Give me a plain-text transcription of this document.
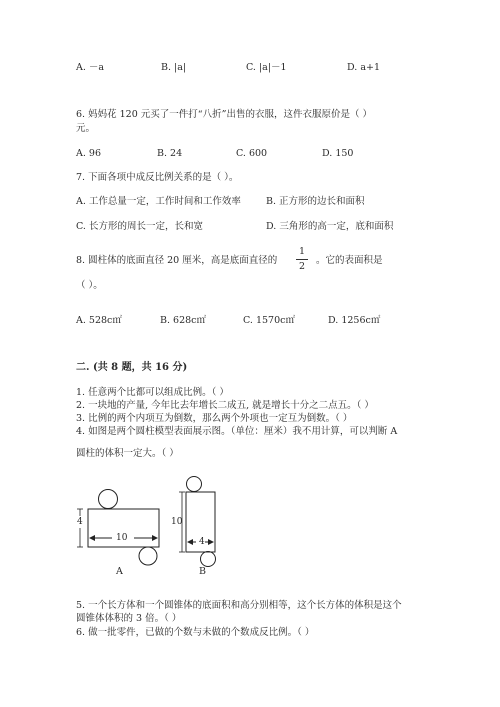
A. －a	B. |a|	C. |a|－1	D. a+1
6. 妈妈花 120 元买了一件打“八折”出售的衣服，这件衣服原价是（ ）
元。
A. 96	B. 24	C. 600	D. 150
7. 下面各项中成反比例关系的是（ ）。
A. 工作总量一定，工作时间和工作效率	B. 正方形的边长和面积
C. 长方形的周长一定，长和宽	D. 三角形的高一定，底和面积
8. 圆柱体的底面直径 20 厘米，高是底面直径的
1
2
。它的表面积是
（ ）。
A. 528c㎡	B. 628c㎡	C. 1570c㎡	D. 1256c㎡
二. (共 8 题，共 16 分)
1. 任意两个比都可以组成比例。（ ）
2. 一块地的产量, 今年比去年增长二成五, 就是增长十分之二点五。（ ）
3. 比例的两个内项互为倒数，那么两个外项也一定互为倒数。（ ）
4. 如图是两个圆柱模型表面展示图。（单位：厘米）我不用计算，可以判断 A
圆柱的体积一定大。（ ）
4
10
A
10
4
B
5. 一个长方体和一个圆锥体的底面积和高分别相等，这个长方体的体积是这个
圆锥体体积的 3 倍。（ ）
6. 做一批零件，已做的个数与未做的个数成反比例。（ ）
